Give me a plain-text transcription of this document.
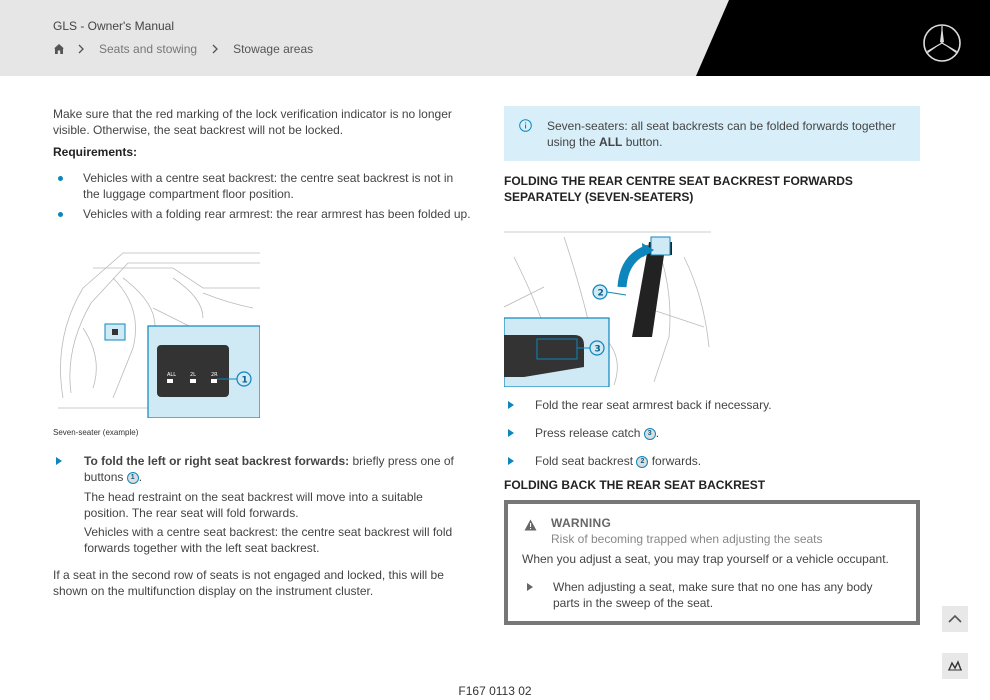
GLS - Owner's Manual
Seats and stowing	Stowage areas

Make sure that the red marking of the lock verification indicator is no longer visible. Otherwise, the seat backrest will not be locked.

Requirements:

Vehicles with a centre seat backrest: the centre seat backrest is not in the luggage compartment floor position.
Vehicles with a folding rear armrest: the rear armrest has been folded up.
ALL	2L	2R
1
Seven-seater (example)
To fold the left or right seat backrest forwards: briefly press one of buttons 1 .
The head restraint on the seat backrest will move into a suitable position. The rear seat will fold forwards.
Vehicles with a centre seat backrest: the centre seat backrest will fold forwards together with the left seat backrest.

If a seat in the second row of seats is not engaged and locked, this will be shown on the multifunction display on the instrument cluster.

Seven-seaters: all seat backrests can be folded forwards together using the ALL button.
FOLDING THE REAR CENTRE SEAT BACKREST FORWARDS SEPARATELY (SEVEN-SEATERS)
2
3
Fold the rear seat armrest back if necessary.
Press release catch 3 .
Fold seat backrest 2 forwards.
FOLDING BACK THE REAR SEAT BACKREST
WARNING
Risk of becoming trapped when adjusting the seats
When you adjust a seat, you may trap yourself or a vehicle occupant.
When adjusting a seat, make sure that no one has any body parts in the sweep of the seat.
F167 0113 02
